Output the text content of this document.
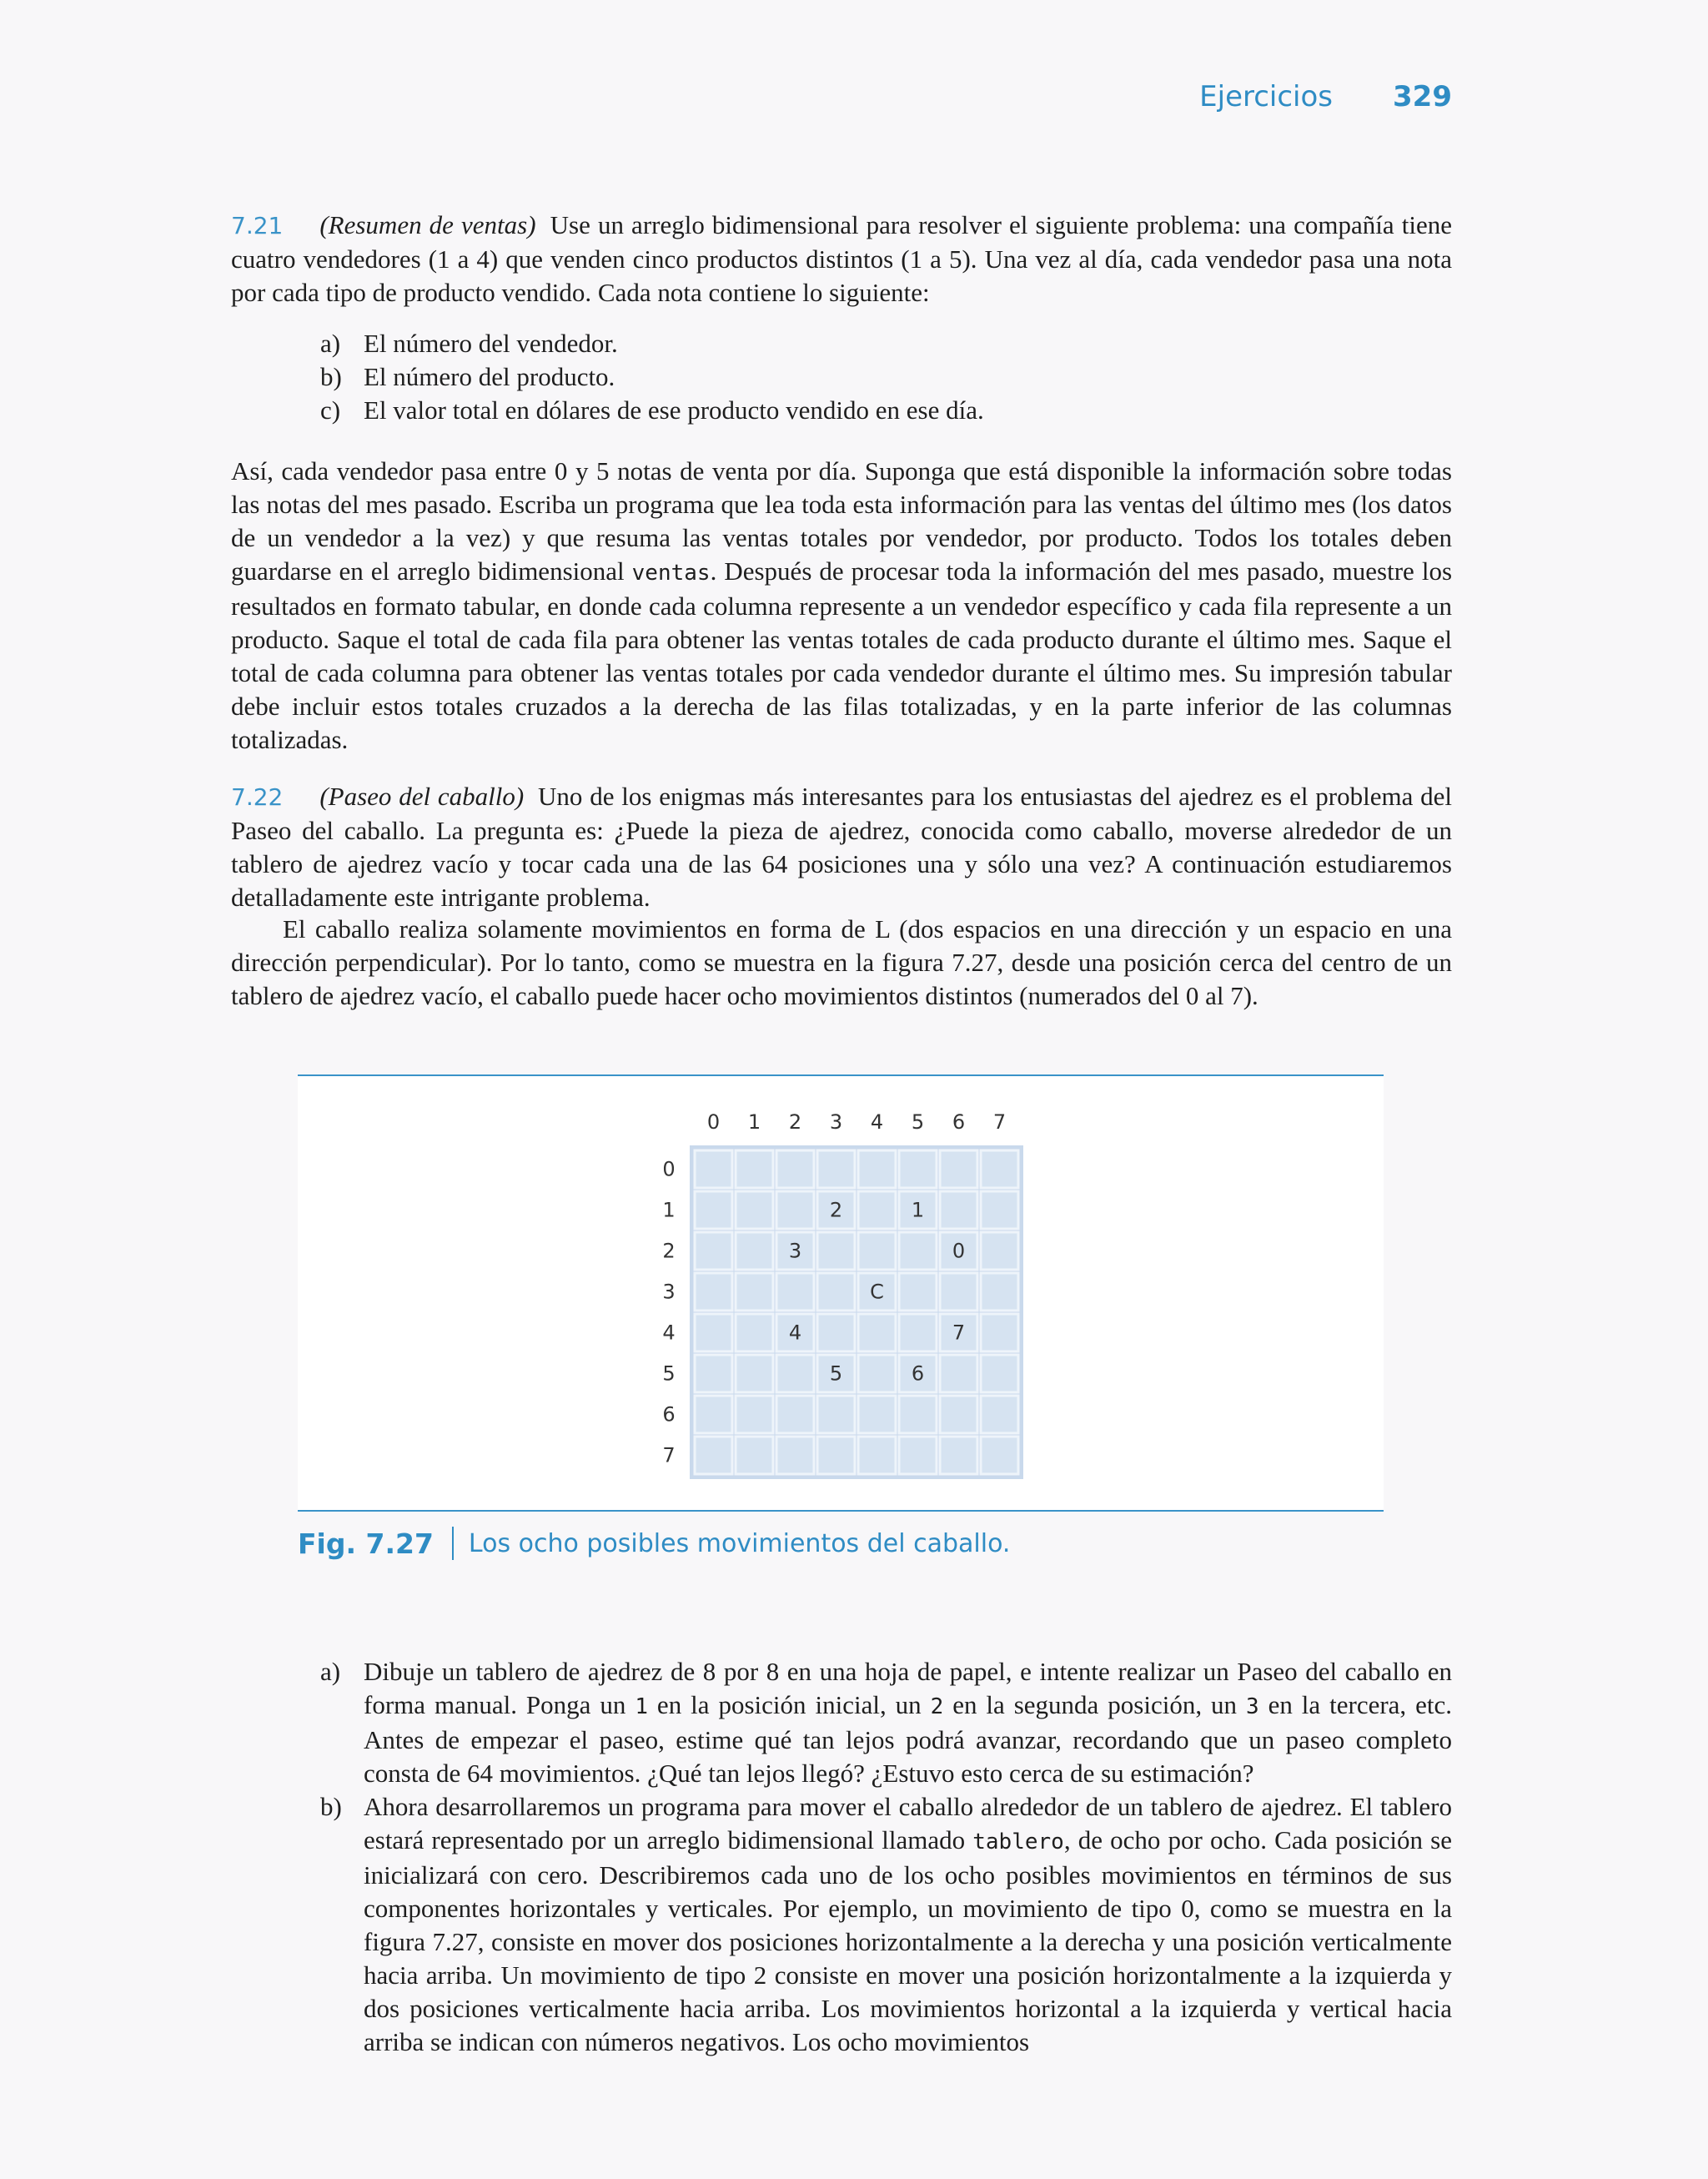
Ejercicios 329
7.21 (Resumen de ventas) Use un arreglo bidimensional para resolver el siguiente problema: una compañía tiene cuatro vendedores (1 a 4) que venden cinco productos distintos (1 a 5). Una vez al día, cada vendedor pasa una nota por cada tipo de producto vendido. Cada nota contiene lo siguiente:
a) El número del vendedor.
b) El número del producto.
c) El valor total en dólares de ese producto vendido en ese día.
Así, cada vendedor pasa entre 0 y 5 notas de venta por día. Suponga que está disponible la información sobre todas las notas del mes pasado. Escriba un programa que lea toda esta información para las ventas del último mes (los datos de un vendedor a la vez) y que resuma las ventas totales por vendedor, por producto. Todos los totales deben guardarse en el arreglo bidimensional ventas. Después de procesar toda la información del mes pasado, muestre los resultados en formato tabular, en donde cada columna represente a un vendedor específico y cada fila represente a un producto. Saque el total de cada fila para obtener las ventas totales de cada producto durante el último mes. Saque el total de cada columna para obtener las ventas totales por cada vendedor durante el último mes. Su impresión tabular debe incluir estos totales cruzados a la derecha de las filas totalizadas, y en la parte inferior de las columnas totalizadas.
7.22 (Paseo del caballo) Uno de los enigmas más interesantes para los entusiastas del ajedrez es el problema del Paseo del caballo. La pregunta es: ¿Puede la pieza de ajedrez, conocida como caballo, moverse alrededor de un tablero de ajedrez vacío y tocar cada una de las 64 posiciones una y sólo una vez? A continuación estudiaremos detalladamente este intrigante problema.
El caballo realiza solamente movimientos en forma de L (dos espacios en una dirección y un espacio en una dirección perpendicular). Por lo tanto, como se muestra en la figura 7.27, desde una posición cerca del centro de un tablero de ajedrez vacío, el caballo puede hacer ocho movimientos distintos (numerados del 0 al 7).
0 1 2 3 4 5 6 7
0
1
2
3
4
5
6
7
2	1
3	0
C
4	7
5	6
Fig. 7.27 Los ocho posibles movimientos del caballo.
a) Dibuje un tablero de ajedrez de 8 por 8 en una hoja de papel, e intente realizar un Paseo del caballo en forma manual. Ponga un 1 en la posición inicial, un 2 en la segunda posición, un 3 en la tercera, etc. Antes de empezar el paseo, estime qué tan lejos podrá avanzar, recordando que un paseo completo consta de 64 movimientos. ¿Qué tan lejos llegó? ¿Estuvo esto cerca de su estimación?
b) Ahora desarrollaremos un programa para mover el caballo alrededor de un tablero de ajedrez. El tablero estará representado por un arreglo bidimensional llamado tablero, de ocho por ocho. Cada posición se inicializará con cero. Describiremos cada uno de los ocho posibles movimientos en términos de sus componentes horizontales y verticales. Por ejemplo, un movimiento de tipo 0, como se muestra en la figura 7.27, consiste en mover dos posiciones horizontalmente a la derecha y una posición verticalmente hacia arriba. Un movimiento de tipo 2 consiste en mover una posición horizontalmente a la izquierda y dos posiciones verticalmente hacia arriba. Los movimientos horizontal a la izquierda y vertical hacia arriba se indican con números negativos. Los ocho movimientos
